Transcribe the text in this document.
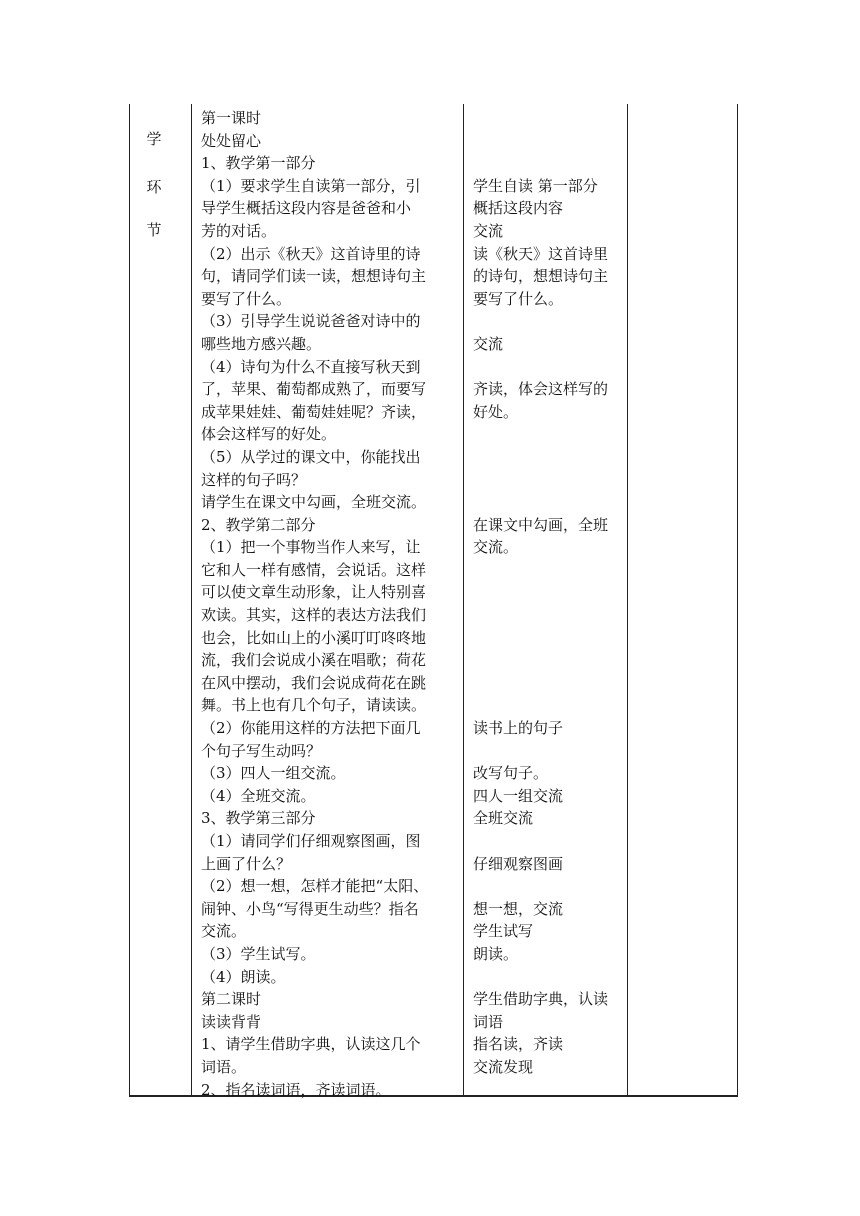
学
环
节
第一课时
处处留心
1、教学第一部分
（1）要求学生自读第一部分，引
导学生概括这段内容是爸爸和小
芳的对话。
（2）出示《秋天》这首诗里的诗
句，请同学们读一读，想想诗句主
要写了什么。
（3）引导学生说说爸爸对诗中的
哪些地方感兴趣。
（4）诗句为什么不直接写秋天到
了，苹果、葡萄都成熟了，而要写
成苹果娃娃、葡萄娃娃呢？齐读，
体会这样写的好处。
（5）从学过的课文中，你能找出
这样的句子吗？
请学生在课文中勾画，全班交流。
2、教学第二部分
（1）把一个事物当作人来写，让
它和人一样有感情，会说话。这样
可以使文章生动形象，让人特别喜
欢读。其实，这样的表达方法我们
也会，比如山上的小溪叮叮咚咚地
流，我们会说成小溪在唱歌；荷花
在风中摆动，我们会说成荷花在跳
舞。书上也有几个句子，请读读。
（2）你能用这样的方法把下面几
个句子写生动吗？
（3）四人一组交流。
（4）全班交流。
3、教学第三部分
（1）请同学们仔细观察图画，图
上画了什么？
（2）想一想，怎样才能把“太阳、
闹钟、小鸟“写得更生动些？指名
交流。
（3）学生试写。
（4）朗读。
第二课时
读读背背
1、请学生借助字典，认读这几个
词语。
2、指名读词语，齐读词语。
学生自读 第一部分
概括这段内容
交流
读《秋天》这首诗里
的诗句，想想诗句主
要写了什么。
交流
齐读，体会这样写的
好处。
在课文中勾画，全班
交流。
读书上的句子
改写句子。
四人一组交流
全班交流
仔细观察图画
想一想，交流
学生试写
朗读。
学生借助字典，认读
词语
指名读，齐读
交流发现
